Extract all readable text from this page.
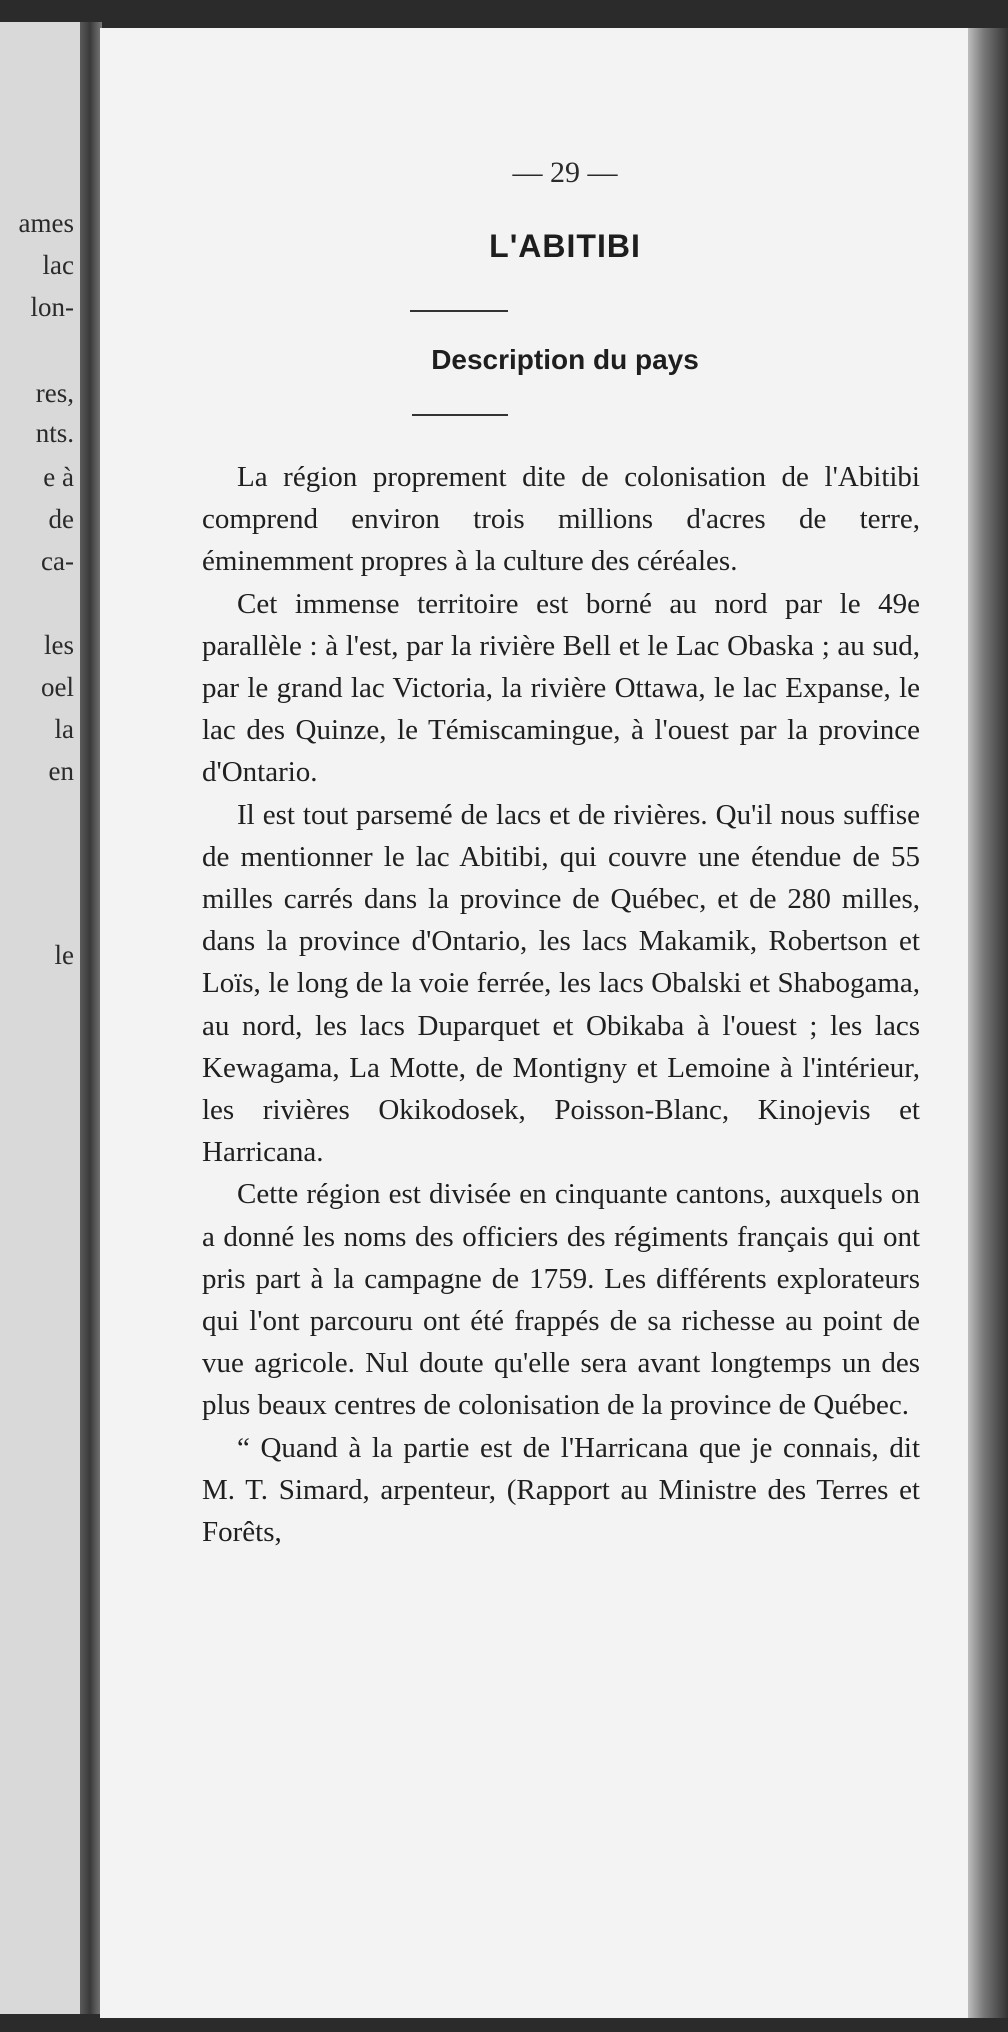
ames
lac
lon-
res,
nts.
e à
de
ca-
les
oel
la
en
le
— 29 —
L'ABITIBI
Description du pays

La région proprement dite de colonisation de l'Abitibi comprend environ trois millions d'acres de terre, éminemment propres à la culture des céréales.

Cet immense territoire est borné au nord par le 49e parallèle : à l'est, par la rivière Bell et le Lac Obaska ; au sud, par le grand lac Victoria, la rivière Ottawa, le lac Expanse, le lac des Quinze, le Témiscamingue, à l'ouest par la province d'Ontario.

Il est tout parsemé de lacs et de rivières. Qu'il nous suffise de mentionner le lac Abitibi, qui couvre une étendue de 55 milles carrés dans la province de Québec, et de 280 milles, dans la province d'Ontario, les lacs Makamik, Robertson et Loïs, le long de la voie ferrée, les lacs Obalski et Shabogama, au nord, les lacs Duparquet et Obikaba à l'ouest ; les lacs Kewagama, La Motte, de Montigny et Lemoine à l'intérieur, les rivières Okikodosek, Poisson-Blanc, Kinojevis et Harricana.

Cette région est divisée en cinquante cantons, auxquels on a donné les noms des officiers des régiments français qui ont pris part à la campagne de 1759. Les différents explorateurs qui l'ont parcouru ont été frappés de sa richesse au point de vue agricole. Nul doute qu'elle sera avant longtemps un des plus beaux centres de colonisation de la province de Québec.

“ Quand à la partie est de l'Harricana que je connais, dit M. T. Simard, arpenteur, (Rapport au Ministre des Terres et Forêts,
